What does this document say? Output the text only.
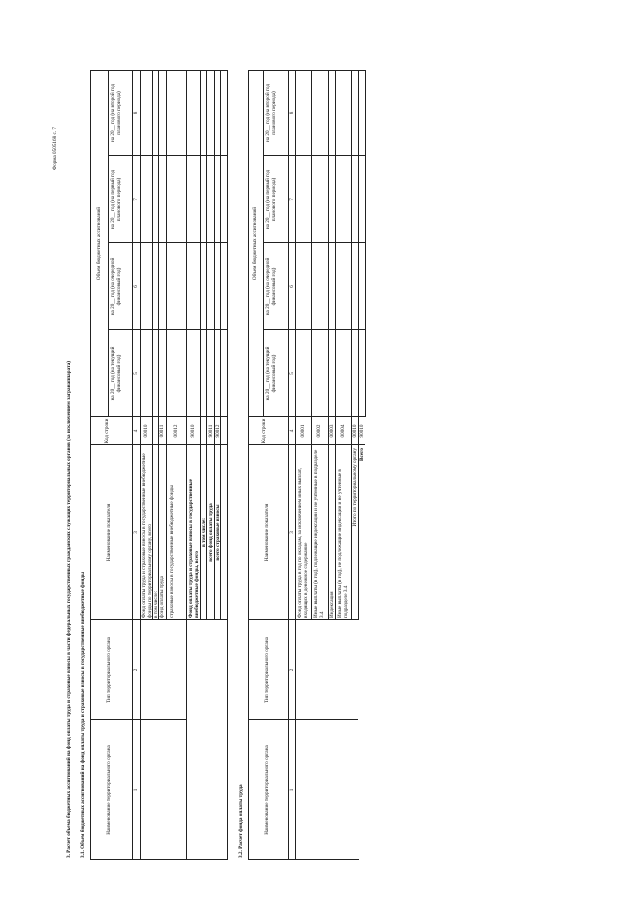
Форма 0505168 с. 7
3. Расчет объема бюджетных ассигнований на фонд оплаты труда и страховые взносы в части федеральных государственных гражданских служащих территориальных органов (за исключением загранаппарата) 3.1. Объем бюджетных ассигнований на фонд оплаты труда и страховые взносы в государственные внебюджетные фонды	Наименование территориального органа
Тип территориального органа
Наименование показателя
Код строки
Объем бюджетных ассигнований
на 20__ год (на текущий финансовый год)
на 20__ год (на очередной финансовый год)
на 20__ год (на первый год планового периода)
на 20__ год (на второй год планового периода)
1
2
3
4
5
6
7
8
Фонд оплаты труда и страховые взносы в государственные внебюджетные фонды по территориальному органу, всего
00010
в том числе: фонд оплаты труда
00011
страховые взносы в государственные внебюджетные фонды
00012
Фонд оплаты труда и страховые взносы в государственные внебюджетные фонды, всего
90010
в том числе: всего фонд оплаты труда
90011
всего страховые взносы
90012
3.2. Расчет фонда оплаты труда	Наименование территориального органа
Тип территориального органа
Наименование показателя
Код строки
Объем бюджетных ассигнований
на 20__ год (на текущий финансовый год)
на 20__ год (на очередной финансовый год)
на 20__ год (на первый год планового периода)
на 20__ год (на второй год планового периода)
1
2
3
4
5
6
7
8
Фонд оплаты труда в год по окладам, за исключением иных выплат, входящих в денежное содержание
00001
Иные выплаты (в год), подлежащие индексации и не учтенные в подразделе 3.4
00002
Индексация
00003
Иные выплаты (в год), не подлежащие индексации и не учтенные в подразделе 3.4
00004
Итого по территориальному органу
00010
Всего
90010
